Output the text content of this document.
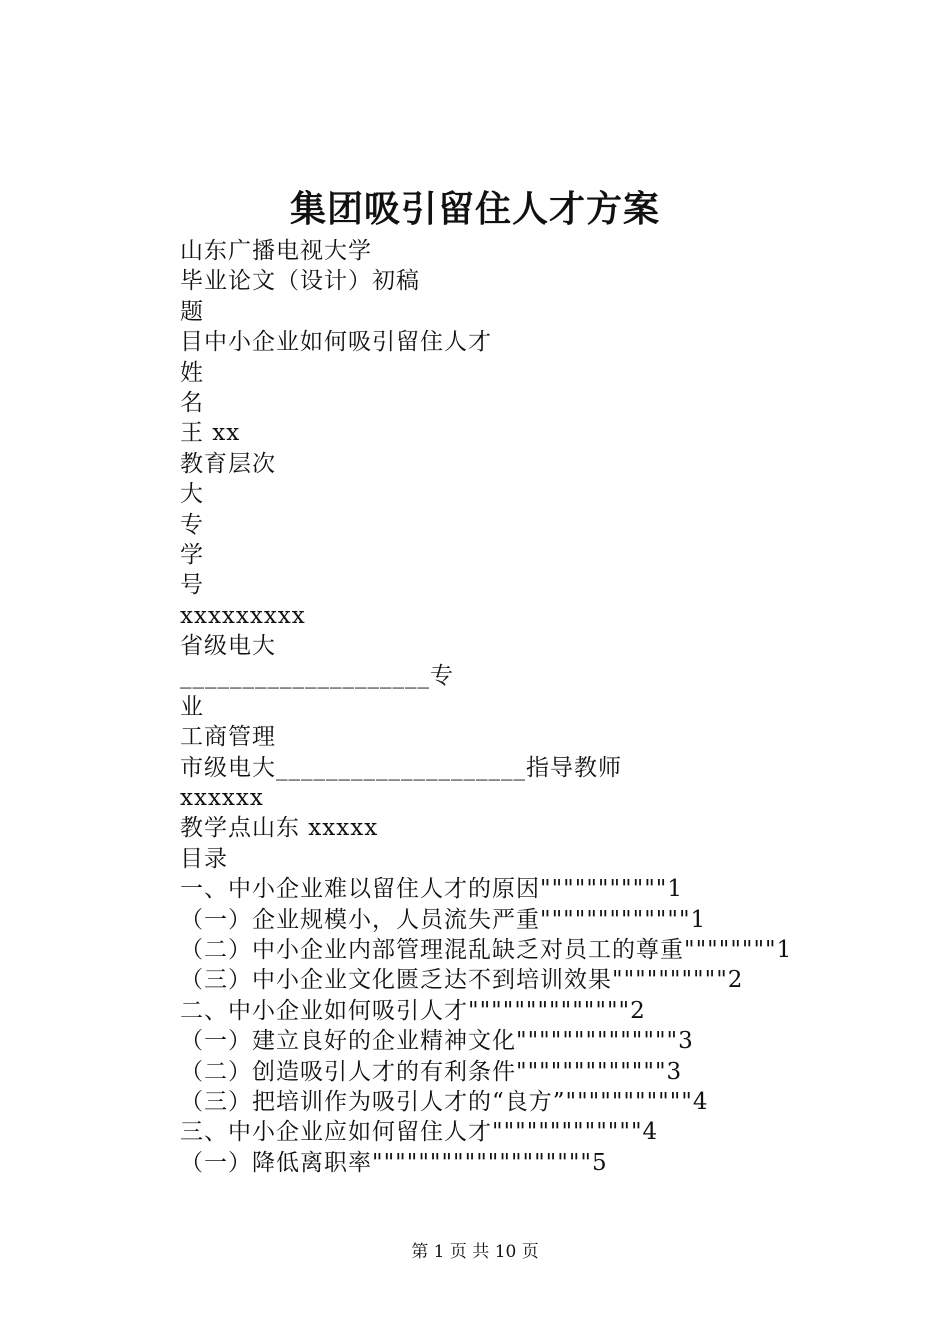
集团吸引留住人才方案
山东广播电视大学
毕业论文（设计）初稿
题
目中小企业如何吸引留住人才
姓
名
王 xx
教育层次
大
专
学
号
xxxxxxxxx
省级电大
____________________专
业
工商管理
市级电大____________________指导教师
xxxxxx
教学点山东 xxxxx
目录
一、中小企业难以留住人才的原因"""""""""""1
（一）企业规模小，人员流失严重"""""""""""""1
（二）中小企业内部管理混乱缺乏对员工的尊重""""""""1
（三）中小企业文化匮乏达不到培训效果""""""""""2
二、中小企业如何吸引人才""""""""""""""2
（一）建立良好的企业精神文化""""""""""""""3
（二）创造吸引人才的有利条件"""""""""""""3
（三）把培训作为吸引人才的“良方”"""""""""""4
三、中小企业应如何留住人才"""""""""""""4
（一）降低离职率"""""""""""""""""""5
第 1 页 共 10 页
